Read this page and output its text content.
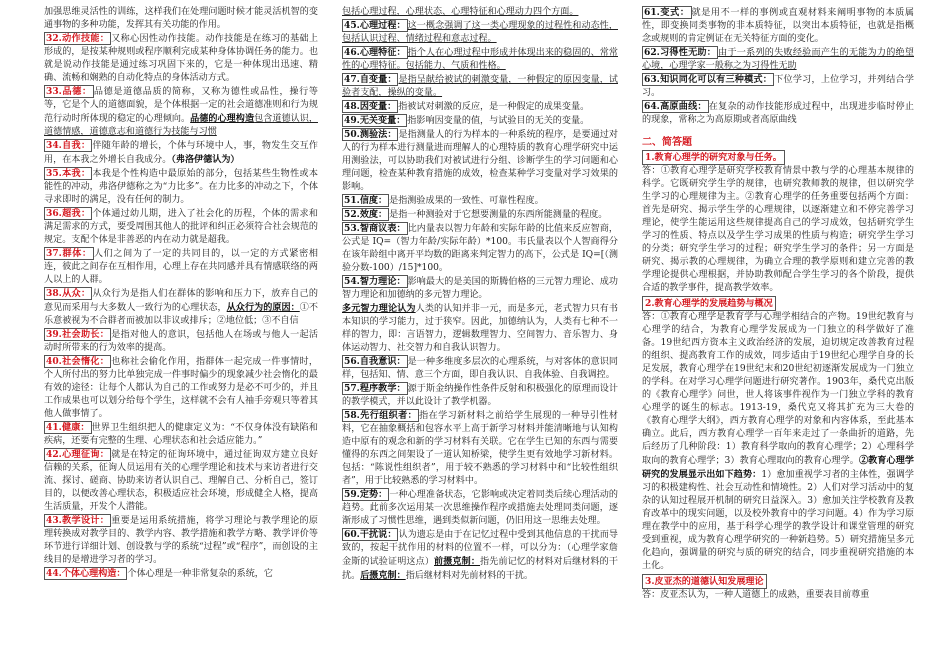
加强思维灵活性的训练，这样我们在处理问题时候才能灵活机智的变通事物的多种功能，发挥其有关功能的作用。

32.动作技能： 又称心因性动作技能。动作技能是在练习的基础上形成的，是按某种规则或程序顺利完成某种身体协调任务的能力。也就是说动作技能是通过练习巩固下来的，它是一种体现出迅速、精确、流畅和娴熟的自动化特点的身体活动方式。

33.品德： 品德是道德品质的简称，又称为德性或品性，操行等等，它是个人的道德面貌，是个体根据一定的社会道德准则和行为规范行动时所体现的稳定的心理倾向。品德的心理构造包含道德认识，道德情感，道德意志和道德行为技能与习惯

34.自我： 伴随年龄的增长，个体与环境中人，事，物发生交互作用，在本我之外增长自我成分。（弗洛伊德认为）

35.本我： 本我是个性构造中最原始的部分，包括某些生物性或本能性的冲动，弗洛伊德称之为“力比多”。在力比多的冲动之下，个体寻求即时的满足，没有任何的制力。

36.超我： 个体通过幼儿期，进入了社会化的历程，个体的需求和满足需求的方式，要受周围其他人的批评和纠正必须符合社会规范的规定。支配个体是非善恶的内在动力就是超我。

37.群体： 人们之间为了一定的共同目的，以一定的方式紧密相连，彼此之间存在互相作用，心理上存在共同感并具有情感联络的两人以上的人群。

38.从众： 从众行为是指人们在群体的影响和压力下，放弃自己的意见而采用与大多数人一致行为的心理状态，从众行为的原因：①不乐意被视为不合群者而被加以非议或排斥；②地位低；③不自信

39.社会助长： 是指对他人的意识，包括他人在场或与他人一起活动时所带来的行为效率的提高。

40.社会惰化： 也称社会偷化作用，指群体一起完成一件事情时，个人所付出的努力比单独完成一件事时偏少的现象减少社会惰化的最有效的途径：让每个人都认为自己的工作或努力是必不可少的，并且工作成果也可以划分给每个学生，这样就不会有人袖手旁观只等着其他人做事情了。

41.健康： 世界卫生组织把人的健康定义为：“不仅身体没有缺陷和疾病，还要有完整的生理、心理状态和社会适应能力。”

42.心理征询： 就是在特定的征询环境中，通过征询双方建立良好信赖的关系，征询人员运用有关的心理学理论和技术与来访者进行交流、探讨、磋商、协助来访者认识自己、理解自己、分析自己，签订目的，以便改善心理状态，积极适应社会环境，形成健全人格，提高生活质量，开发个人潜能。

43.教学设计： 重要是运用系统措施，将学习理论与教学理论的原理转换成对教学目的、教学内容、教学措施和教学方略、教学评价等环节进行详细计划、创设教与学的系统“过程”或“程序”，而创设的主线目的是增进学习者的学习。

44.个体心理构造： 个体心理是一种非常复杂的系统，它

包括心理过程，心理状态、心理特征和心理动力四个方面。

45.心理过程： 这一概念强调了这一类心理现象的过程性和动态性，包括认识过程、情绪过程和意志过程。

46.心理特征： 指个人在心理过程中形成并体现出来的稳固的、常常性的心理特征。包括能力、气质和性格。

47.自变量： 是指呈献给被试的刺激变量，一种假定的原因变量，试验者支配，操纵的变量。

48.因变量： 指被试对刺激的反应，是一种假定的成果变量。

49.无关变量： 指影响因变量的值，与试验目的无关的变量。

50.测验法： 是指测量人的行为样本的一种系统的程序，是要通过对人的行为样本进行测量进而理解人的心理特质的教育心理学研究中运用测验法，可以协助我们对被试进行分组、诊断学生的学习问题和心理问题，检查某种教育措施的成效，检查某种学习变量对学习效果的影响。

51.信度： 是指测验成果的一致性、可靠性程度。

52.效度： 是指一种测验对于它想要测量的东西所能测量的程度。

53.智商议表： 比内量表以智力年龄和实际年龄的比值来反应智商，公式是 IQ=（智力年龄/实际年龄）*100。韦氏量表以个人智商得分在该年龄组中离开平均数的距离来判定智力的高下，公式是 IQ=[（测验分数-100）/15]*100。

54.智力理论： 影响最大的是美国的斯腾伯格的三元智力理论、成功智力理论和加德纳的多元智力理论。

多元智力理论认为人类的认知并非一元，而是多元，老式智力只有书本知识的学习能力，过于狭窄。因此，加德纳认为，人类有七种不一样的智力，即：言语智力，逻辑数理智力、空间智力、音乐智力、身体运动智力、社交智力和自我认识智力。

56.自我意识： 是一种多维度多层次的心理系统，与对客体的意识同样，包括知、情、意三个方面，即自我认识、自我体验、自我调控。

57.程序教学： 源于斯金纳操作性条件反射和积极强化的原理而设计的教学模式，并以此设计了教学机器。

58.先行组织者： 指在学习新材料之前给学生展现的一种导引性材料，它在抽象概括和包容水平上高于新学习材料并能清晰地与认知构造中原有的观念和新的学习材料有关联。它在学生已知的东西与需要懂得的东西之间架设了一道认知桥梁，使学生更有效地学习新材料。包括：“陈说性组织者”，用于较不熟悉的学习材料中和“比较性组织者”，用于比较熟悉的学习材料中。

59.定势： 一种心理准备状态，它影响或决定着同类后续心理活动的趋势。此前多次运用某一次思维操作程序或措施去处理同类问题，逐渐形成了习惯性思维，遇到类似新问题，仍旧用这一思维去处理。

60.干扰说： 认为遗忘是由于在记忆过程中受到其他信息的干扰而导致的，按起干扰作用的材料的位置不一样，可以分为：（心理学家詹金斯的试验证明这点）前摄克制：指先前记忆的材料对后继材料的干扰。后摄克制：指后继材料对先前材料的干扰。

61.变式： 就是用不一样的事例或直观材料来阐明事物的本质属性，即变换同类事物的非本质特征，以突出本质特征，也就是指概念或规则的肯定例证在无关特征方面的变化。

62.习得性无助： 由于一系列的失败经验而产生的无能为力的绝望心境，心理学家一般称之为习得性无助

63.知识同化可以有三种模式： 下位学习，上位学习，并列结合学习。

64.高原曲线： 在复杂的动作技能形成过程中，出现进步临时停止的现象，常称之为高原期或者高原曲线

二、简答题
1.教育心理学的研究对象与任务。
答：①教育心理学是研究学校教育情景中教与学的心理基本规律的科学。它既研究学生学的规律，也研究教师教的规律，但以研究学生学习的心理规律为主。②教育心理学的任务重要包括两个方面：首先是研究、揭示学生学的心理规律，以逐渐建立和不停完善学习理论，使学生能运用这些规律提高自己的学习成效，包括研究学生学习的性质、特点以及学生学习成果的性质与构造；研究学生学习的分类；研究学生学习的过程；研究学生学习的条件；另一方面是研究、揭示教的心理规律，为确立合理的教学原则和建立完善的教学理论提供心理根据，并协助教师配合学生学习的各个阶段，提供合适的教学事件，提高教学效率。
2.教育心理学的发展趋势与概况
答：①教育心理学是教育学与心理学相结合的产物。19世纪教育与心理学的结合，为教育心理学发展成为一门独立的科学做好了准备。19世纪西方资本主义政治经济的发展，迫切规定改善教育过程的组织、提高教育工作的成效，同步适由于19世纪心理学自身的长足发展，教育心理学在19世纪末和20世纪初逐渐发展成为一门独立的学科。在对学习心理学问题进行研究著作。1903年，桑代克出版的《教育心理学》问世，世人将该事件视作为一门独立学科的教育心理学的诞生的标志。1913-19，桑代克又将其扩充为三大卷的《教育心理学大纲》，西方教育心理学的对象和内容体系，至此基本确立。此后，西方教育心理学一百年来走过了一条曲折的道路，先后经历了几种阶段：1）教育科学取向的教育心理学；2）心理科学取向的教育心理学；3）教育心理取向的教育心理学。②教育心理学研究的发展显示出如下趋势：1）愈加重视学习者的主体性，强调学习的积极建构性、社会互动性和情境性。2）人们对学习活动中的复杂的认知过程展开机制的研究日益深入。3）愈加关注学校教育及教育改革中的现实问题，以及校外教育中的学习问题。4）作为学习原理在教学中的应用，基于科学心理学的教学设计和课堂管理的研究受到重视，成为教育心理学研究的一种新趋势。5）研究措施呈多元化趋向，强调量的研究与质的研究的结合，同步重视研究措施的本土化。
3.皮亚杰的道德认知发展理论
答：皮亚杰认为，一种人道德上的成熟，重要表目前尊重
